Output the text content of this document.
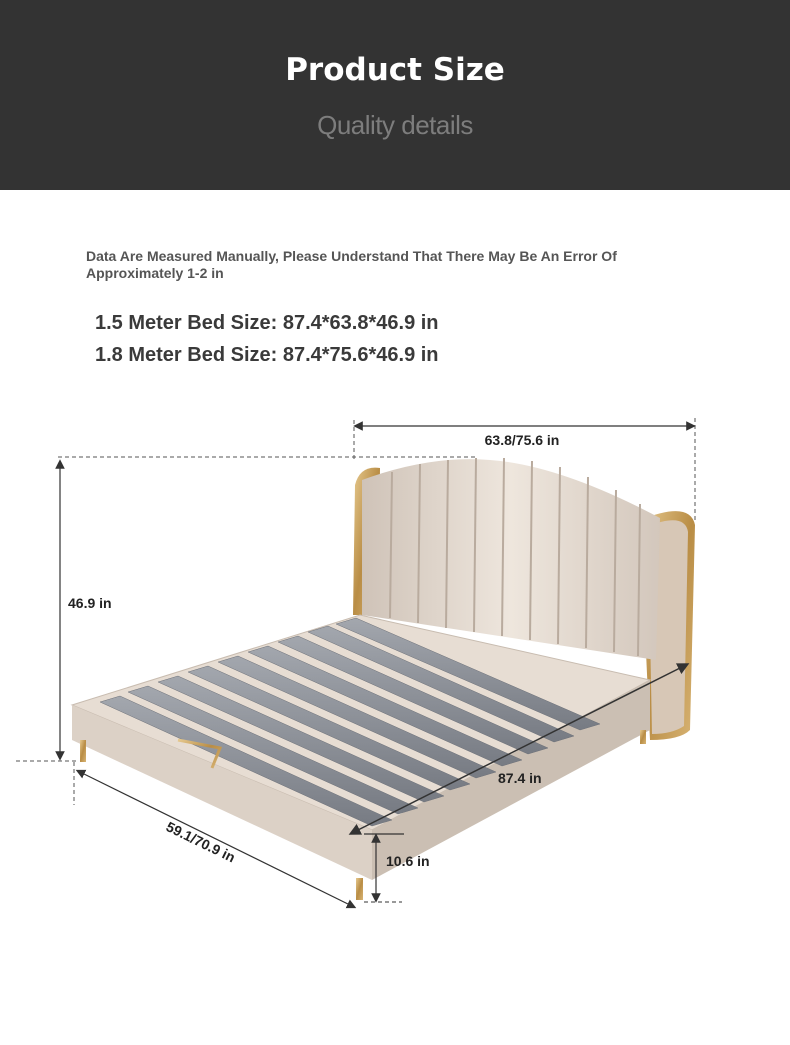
Product Size
Quality details
Data Are Measured Manually, Please Understand That There May Be An Error Of Approximately 1-2 in
1.5 Meter Bed Size: 87.4*63.8*46.9 in
1.8 Meter Bed Size: 87.4*75.6*46.9 in
63.8/75.6 in
46.9 in
87.4 in
59.1/70.9 in	10.6 in
